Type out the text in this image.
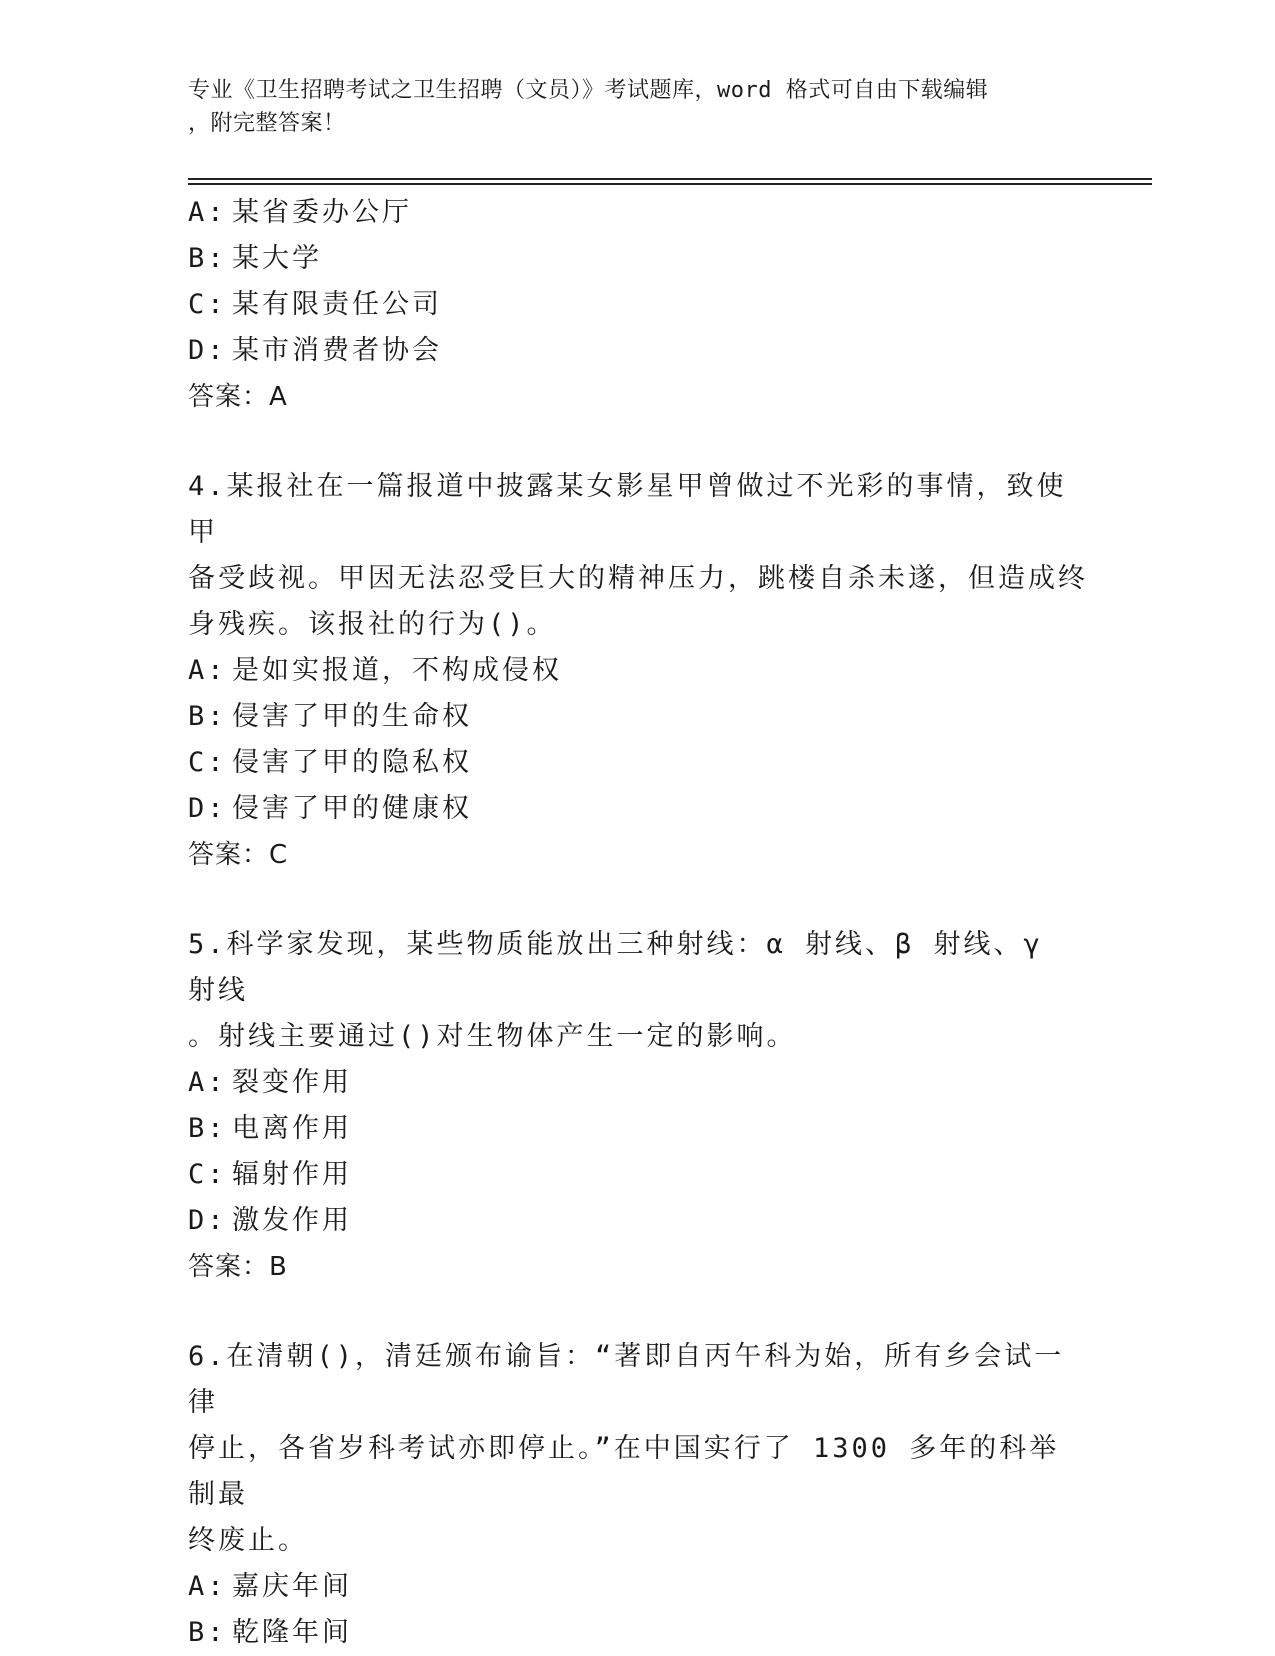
专业《卫生招聘考试之卫生招聘（文员）》考试题库，word 格式可自由下载编辑
，附完整答案！
A: 某省委办公厅
B: 某大学
C: 某有限责任公司
D: 某市消费者协会
答案：A
4.某报社在一篇报道中披露某女影星甲曾做过不光彩的事情，致使甲
备受歧视。甲因无法忍受巨大的精神压力，跳楼自杀未遂，但造成终
身残疾。该报社的行为()。
A: 是如实报道，不构成侵权
B: 侵害了甲的生命权
C: 侵害了甲的隐私权
D: 侵害了甲的健康权
答案：C
5.科学家发现，某些物质能放出三种射线：α 射线、β 射线、γ 射线
。射线主要通过()对生物体产生一定的影响。
A: 裂变作用
B: 电离作用
C: 辐射作用
D: 激发作用
答案：B
6.在清朝()，清廷颁布谕旨：“著即自丙午科为始，所有乡会试一律
停止，各省岁科考试亦即停止。”在中国实行了 1300 多年的科举制最
终废止。
A: 嘉庆年间
B: 乾隆年间
